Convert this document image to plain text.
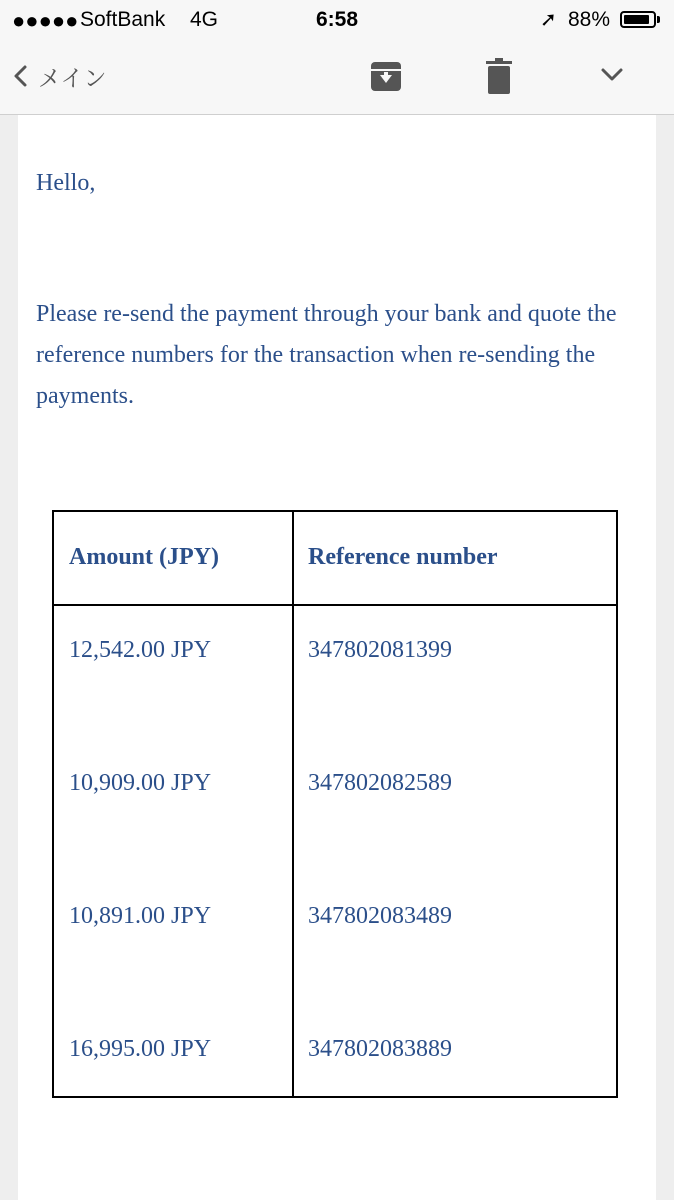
●●●●● SoftBank 4G	6:58	➚ 88%
メイン
Hello,
Please re-send the payment through your bank and quote the reference numbers for the transaction when re-sending the payments.
Amount (JPY)	Reference number
12,542.00 JPY	347802081399
10,909.00 JPY	347802082589
10,891.00 JPY	347802083489
16,995.00 JPY	347802083889
